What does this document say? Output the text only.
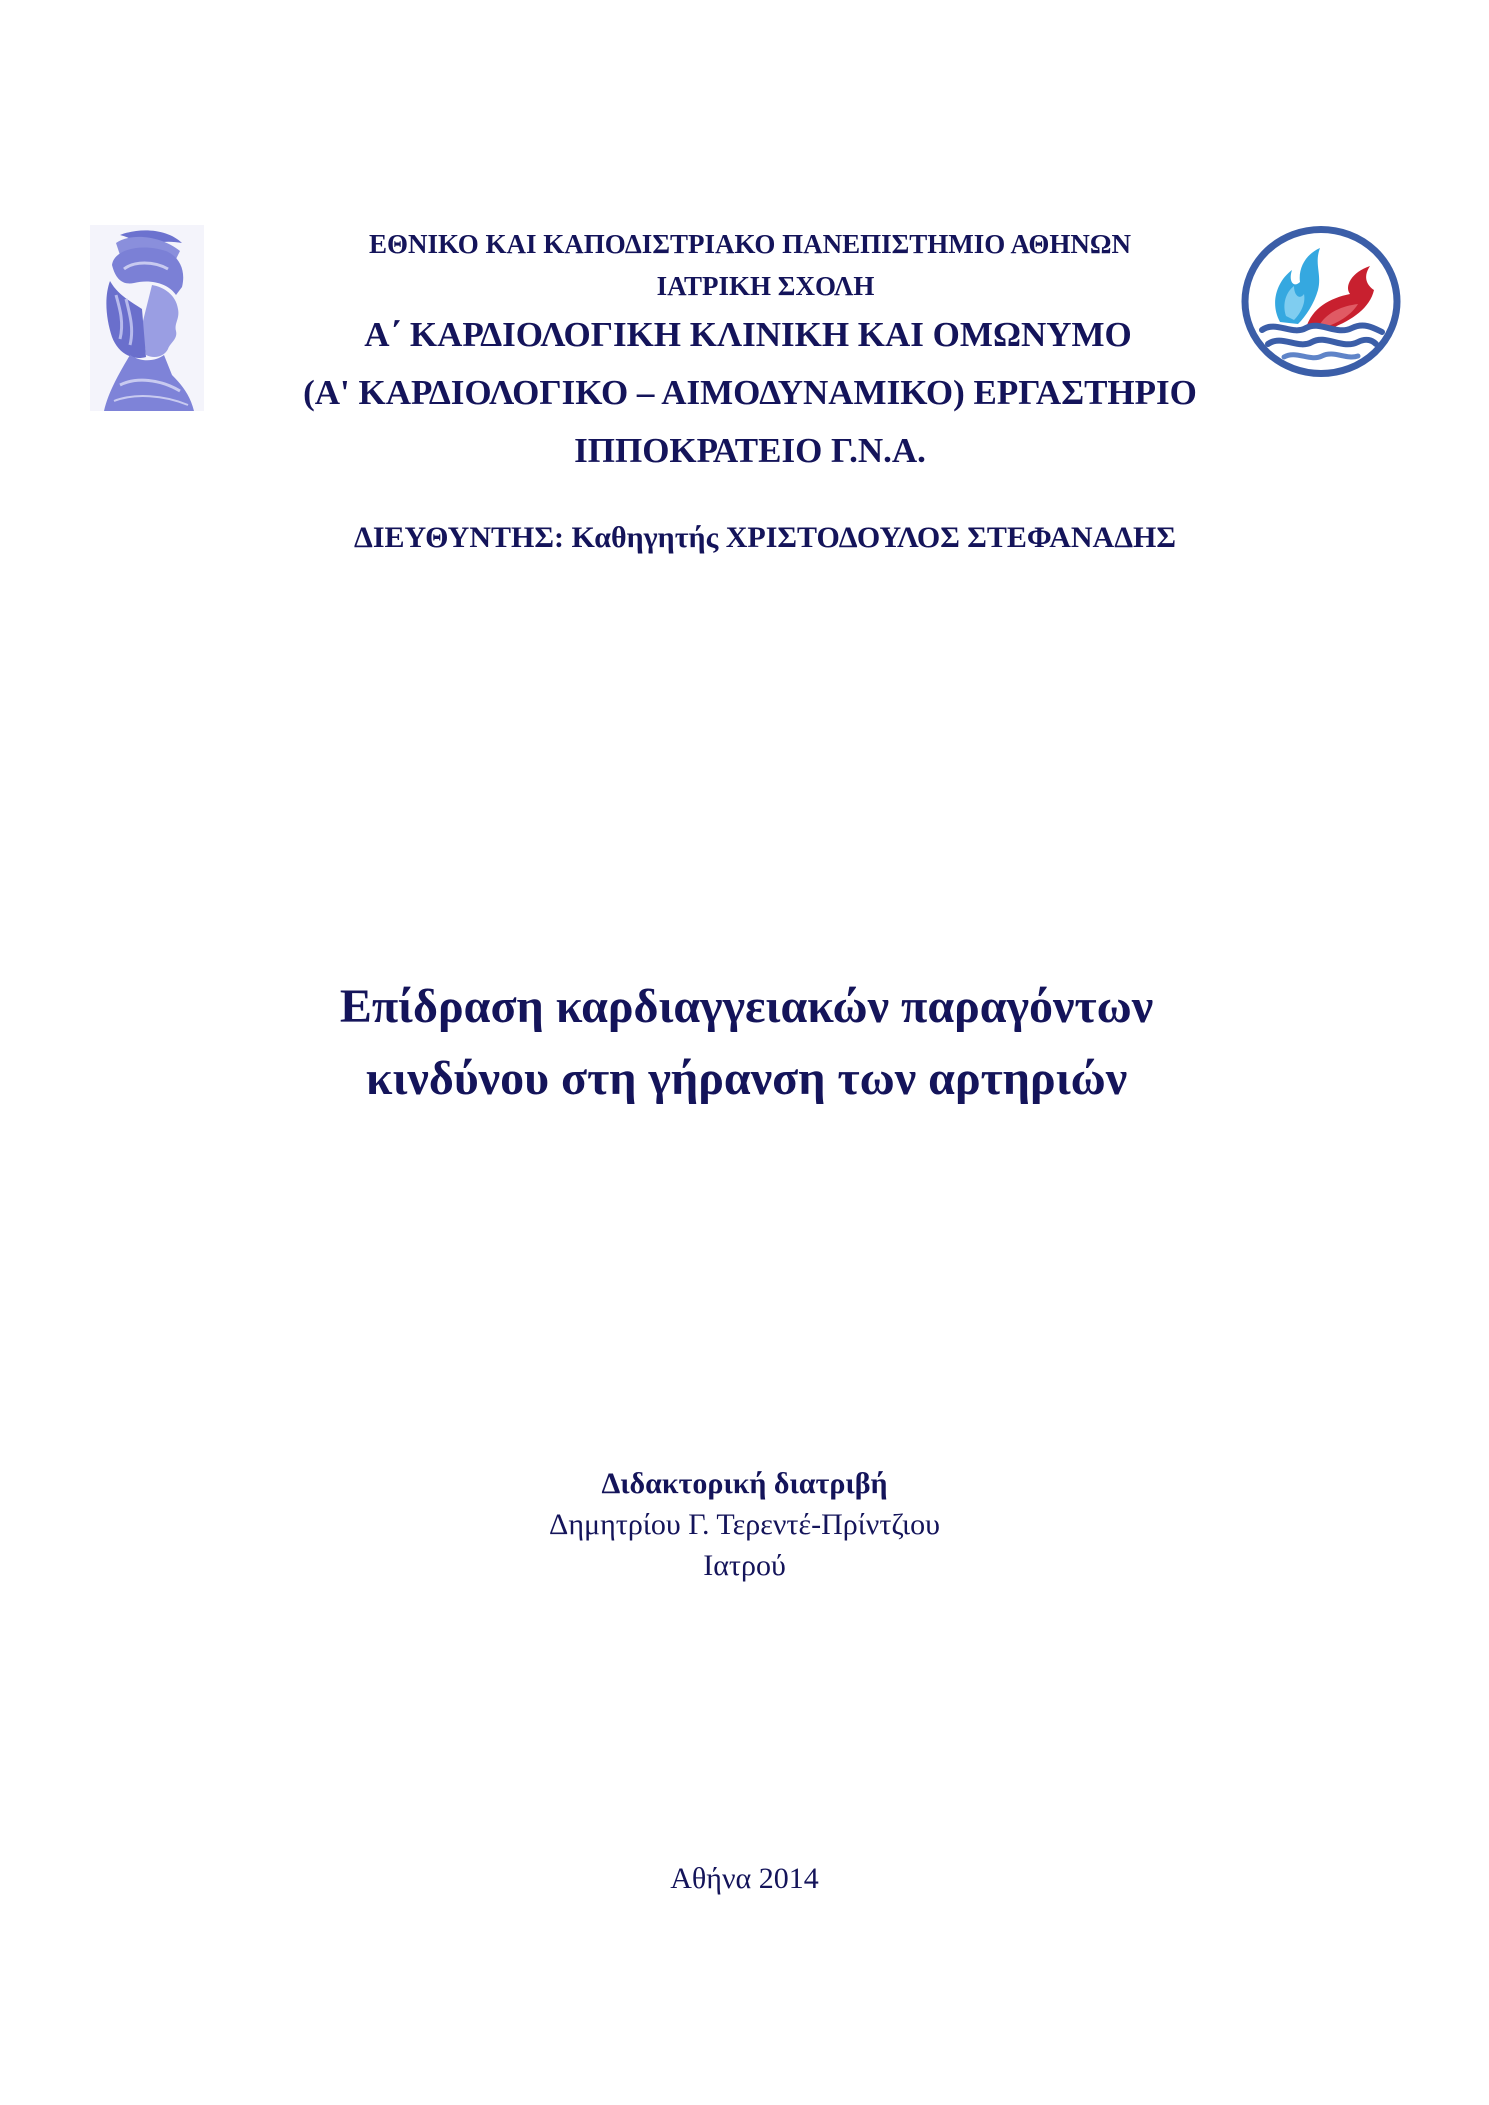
ΕΘΝΙΚΟ ΚΑΙ ΚΑΠΟΔΙΣΤΡΙΑΚΟ ΠΑΝΕΠΙΣΤΗΜΙΟ ΑΘΗΝΩΝ
ΙΑΤΡΙΚΗ ΣΧΟΛΗ
Α΄ ΚΑΡΔΙΟΛΟΓΙΚΗ ΚΛΙΝΙΚΗ ΚΑΙ ΟΜΩΝΥΜΟ
(Α' ΚΑΡΔΙΟΛΟΓΙΚΟ – ΑΙΜΟΔΥΝΑΜΙΚΟ) ΕΡΓΑΣΤΗΡΙΟ
ΙΠΠΟΚΡΑΤΕΙΟ Γ.Ν.Α.
ΔΙΕΥΘΥΝΤΗΣ: Καθηγητής ΧΡΙΣΤΟΔΟΥΛΟΣ ΣΤΕΦΑΝΑΔΗΣ
Επίδραση καρδιαγγειακών παραγόντων
κινδύνου στη γήρανση των αρτηριών
Διδακτορική διατριβή
Δημητρίου Γ. Τερεντέ-Πρίντζιου
Ιατρού
Αθήνα 2014
